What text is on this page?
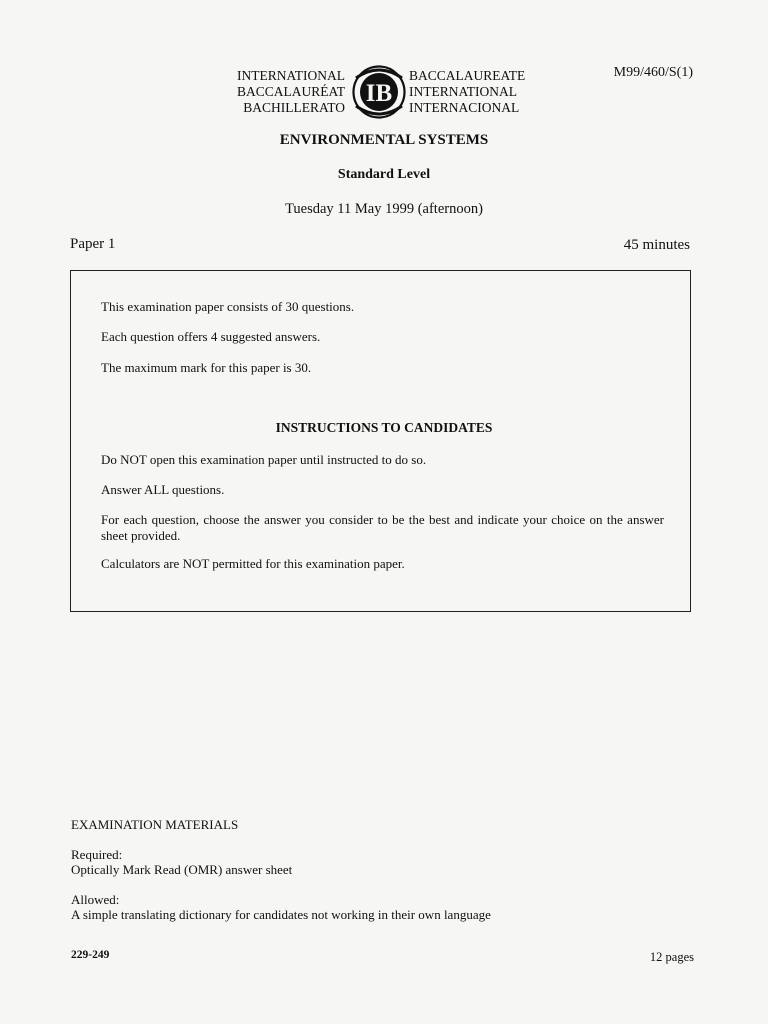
INTERNATIONAL
BACCALAURÉAT
BACHILLERATO
IB
BACCALAUREATE
INTERNATIONAL
INTERNACIONAL
M99/460/S(1)
ENVIRONMENTAL SYSTEMS
Standard Level
Tuesday 11 May 1999 (afternoon)
Paper 1	45 minutes
This examination paper consists of 30 questions.
Each question offers 4 suggested answers.
The maximum mark for this paper is 30.
INSTRUCTIONS TO CANDIDATES
Do NOT open this examination paper until instructed to do so.
Answer ALL questions.
For each question, choose the answer you consider to be the best and indicate your choice on the answer sheet provided.
Calculators are NOT permitted for this examination paper.
EXAMINATION MATERIALS
Required:
Optically Mark Read (OMR) answer sheet
Allowed:
A simple translating dictionary for candidates not working in their own language
229-249	12 pages
